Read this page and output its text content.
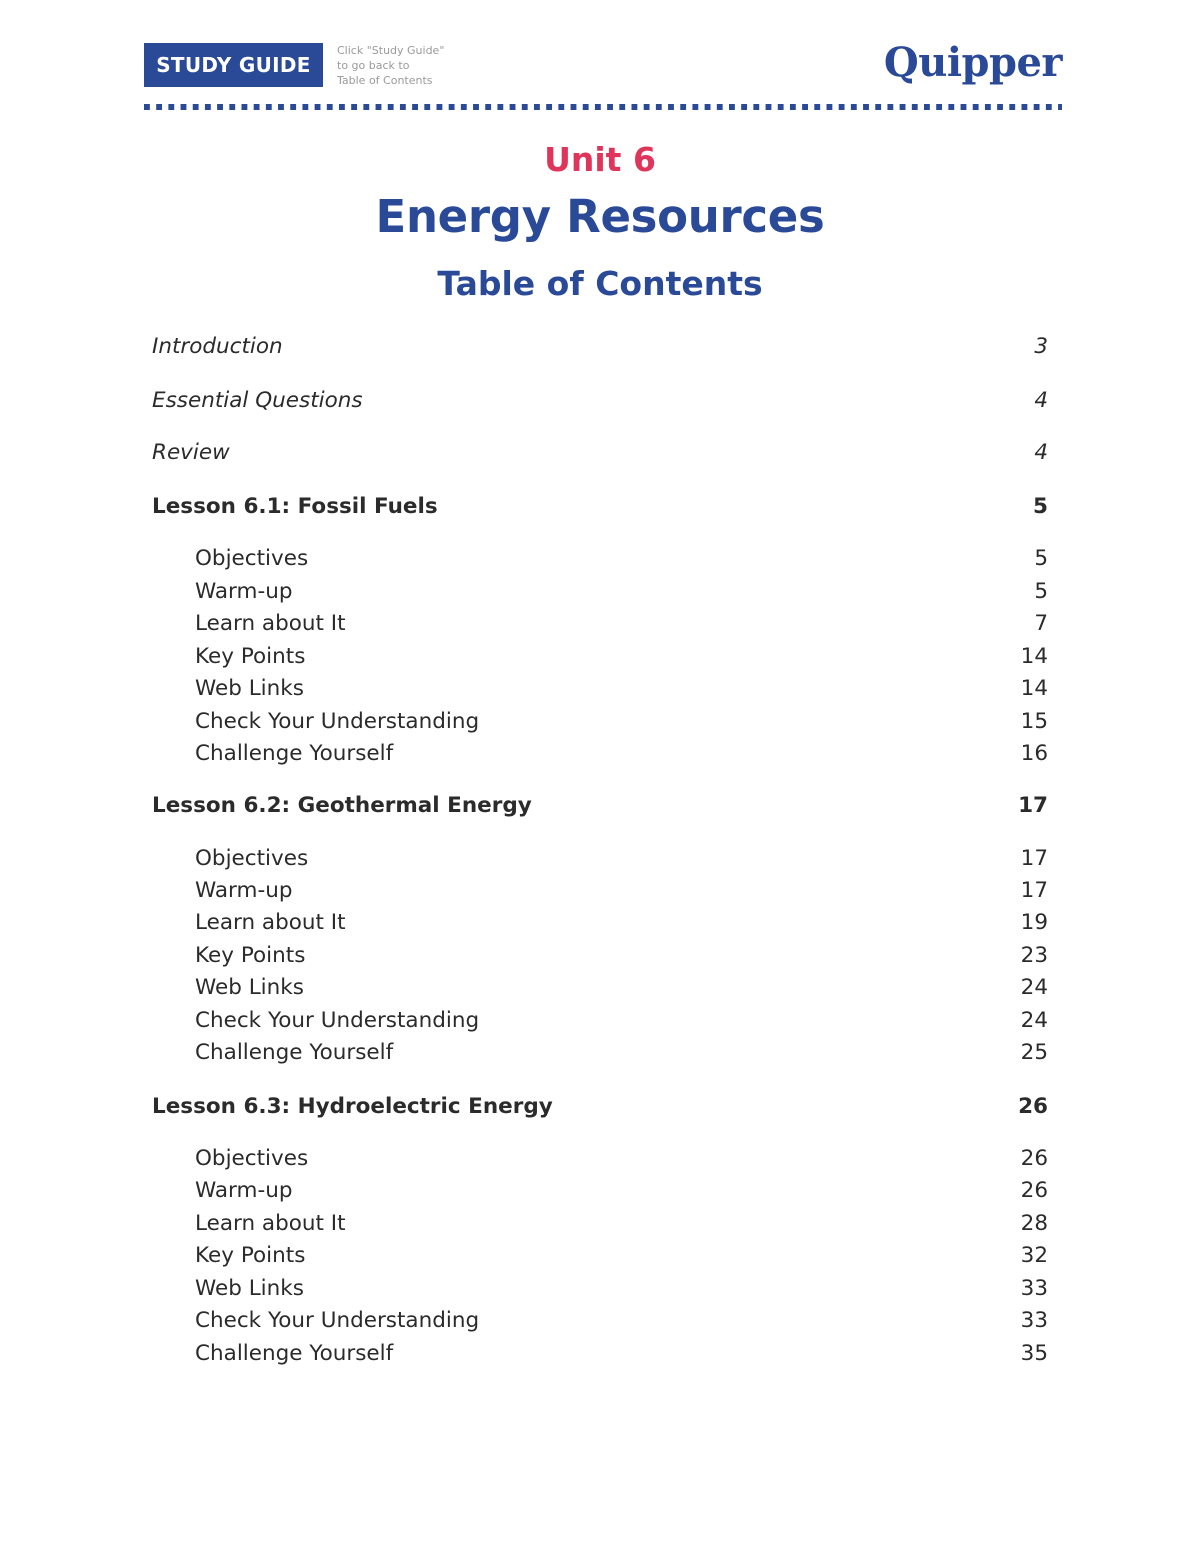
STUDY GUIDE
Click "Study Guide"
to go back to
Table of Contents	Quipper
Unit 6
Energy Resources
Table of Contents
Introduction	3
Essential Questions	4
Review	4
Lesson 6.1: Fossil Fuels	5
Objectives	5
Warm-up	5
Learn about It	7
Key Points	14
Web Links	14
Check Your Understanding	15
Challenge Yourself	16
Lesson 6.2: Geothermal Energy	17
Objectives	17
Warm-up	17
Learn about It	19
Key Points	23
Web Links	24
Check Your Understanding	24
Challenge Yourself	25
Lesson 6.3: Hydroelectric Energy	26
Objectives	26
Warm-up	26
Learn about It	28
Key Points	32
Web Links	33
Check Your Understanding	33
Challenge Yourself	35
